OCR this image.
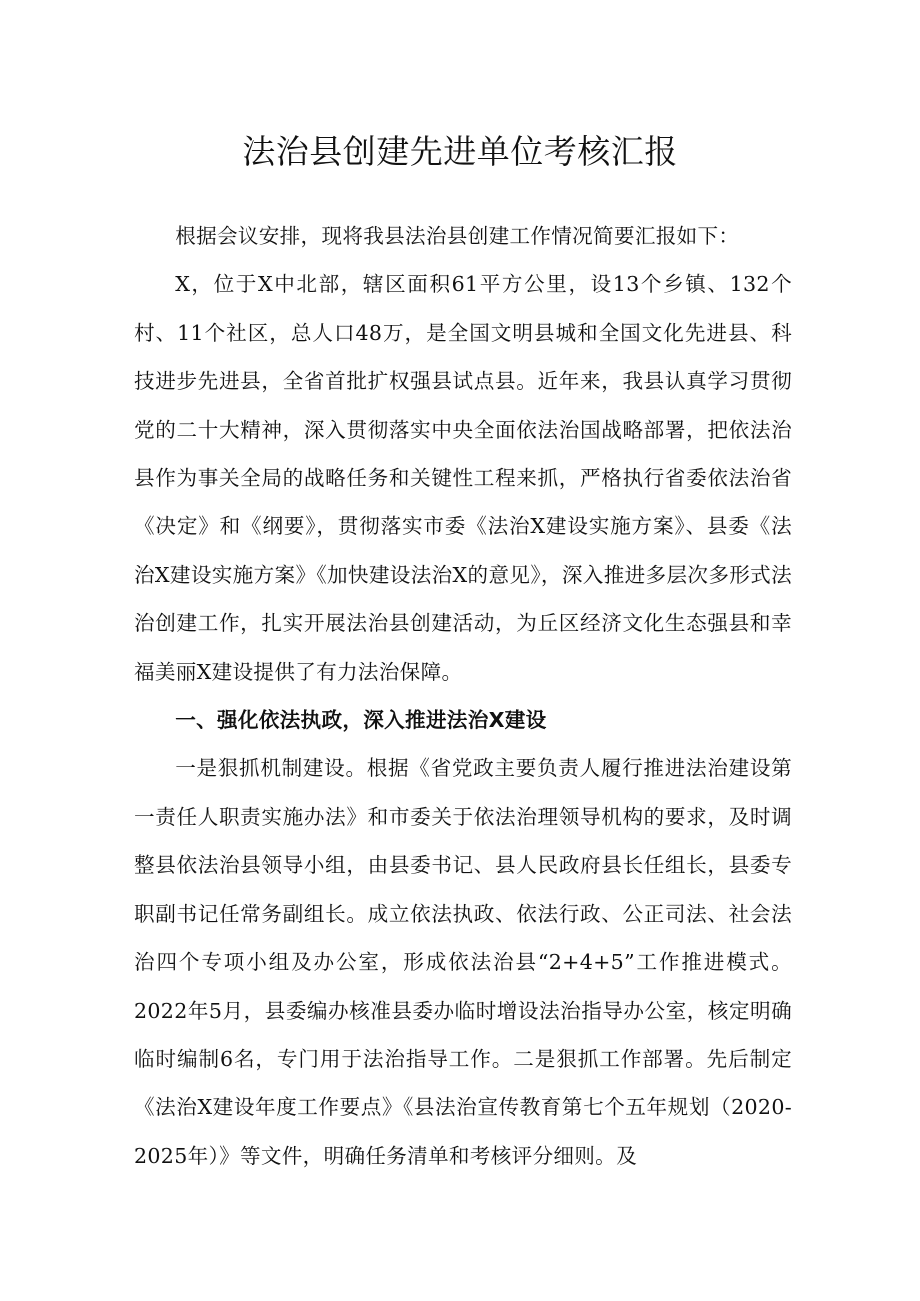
法治县创建先进单位考核汇报

根据会议安排，现将我县法治县创建工作情况简要汇报如下：

X，位于X中北部，辖区面积61平方公里，设13个乡镇、132个村、11个社区，总人口48万，是全国文明县城和全国文化先进县、科技进步先进县，全省首批扩权强县试点县。近年来，我县认真学习贯彻党的二十大精神，深入贯彻落实中央全面依法治国战略部署，把依法治县作为事关全局的战略任务和关键性工程来抓，严格执行省委依法治省《决定》和《纲要》，贯彻落实市委《法治X建设实施方案》、县委《法治X建设实施方案》《加快建设法治X的意见》，深入推进多层次多形式法治创建工作，扎实开展法治县创建活动，为丘区经济文化生态强县和幸福美丽X建设提供了有力法治保障。

一、强化依法执政，深入推进法治X建设

一是狠抓机制建设。根据《省党政主要负责人履行推进法治建设第一责任人职责实施办法》和市委关于依法治理领导机构的要求，及时调整县依法治县领导小组，由县委书记、县人民政府县长任组长，县委专职副书记任常务副组长。成立依法执政、依法行政、公正司法、社会法治四个专项小组及办公室，形成依法治县“2+4+5”工作推进模式。2022年5月，县委编办核准县委办临时增设法治指导办公室，核定明确临时编制6名，专门用于法治指导工作。二是狠抓工作部署。先后制定《法治X建设年度工作要点》《县法治宣传教育第七个五年规划（2020-2025年）》等文件，明确任务清单和考核评分细则。及
